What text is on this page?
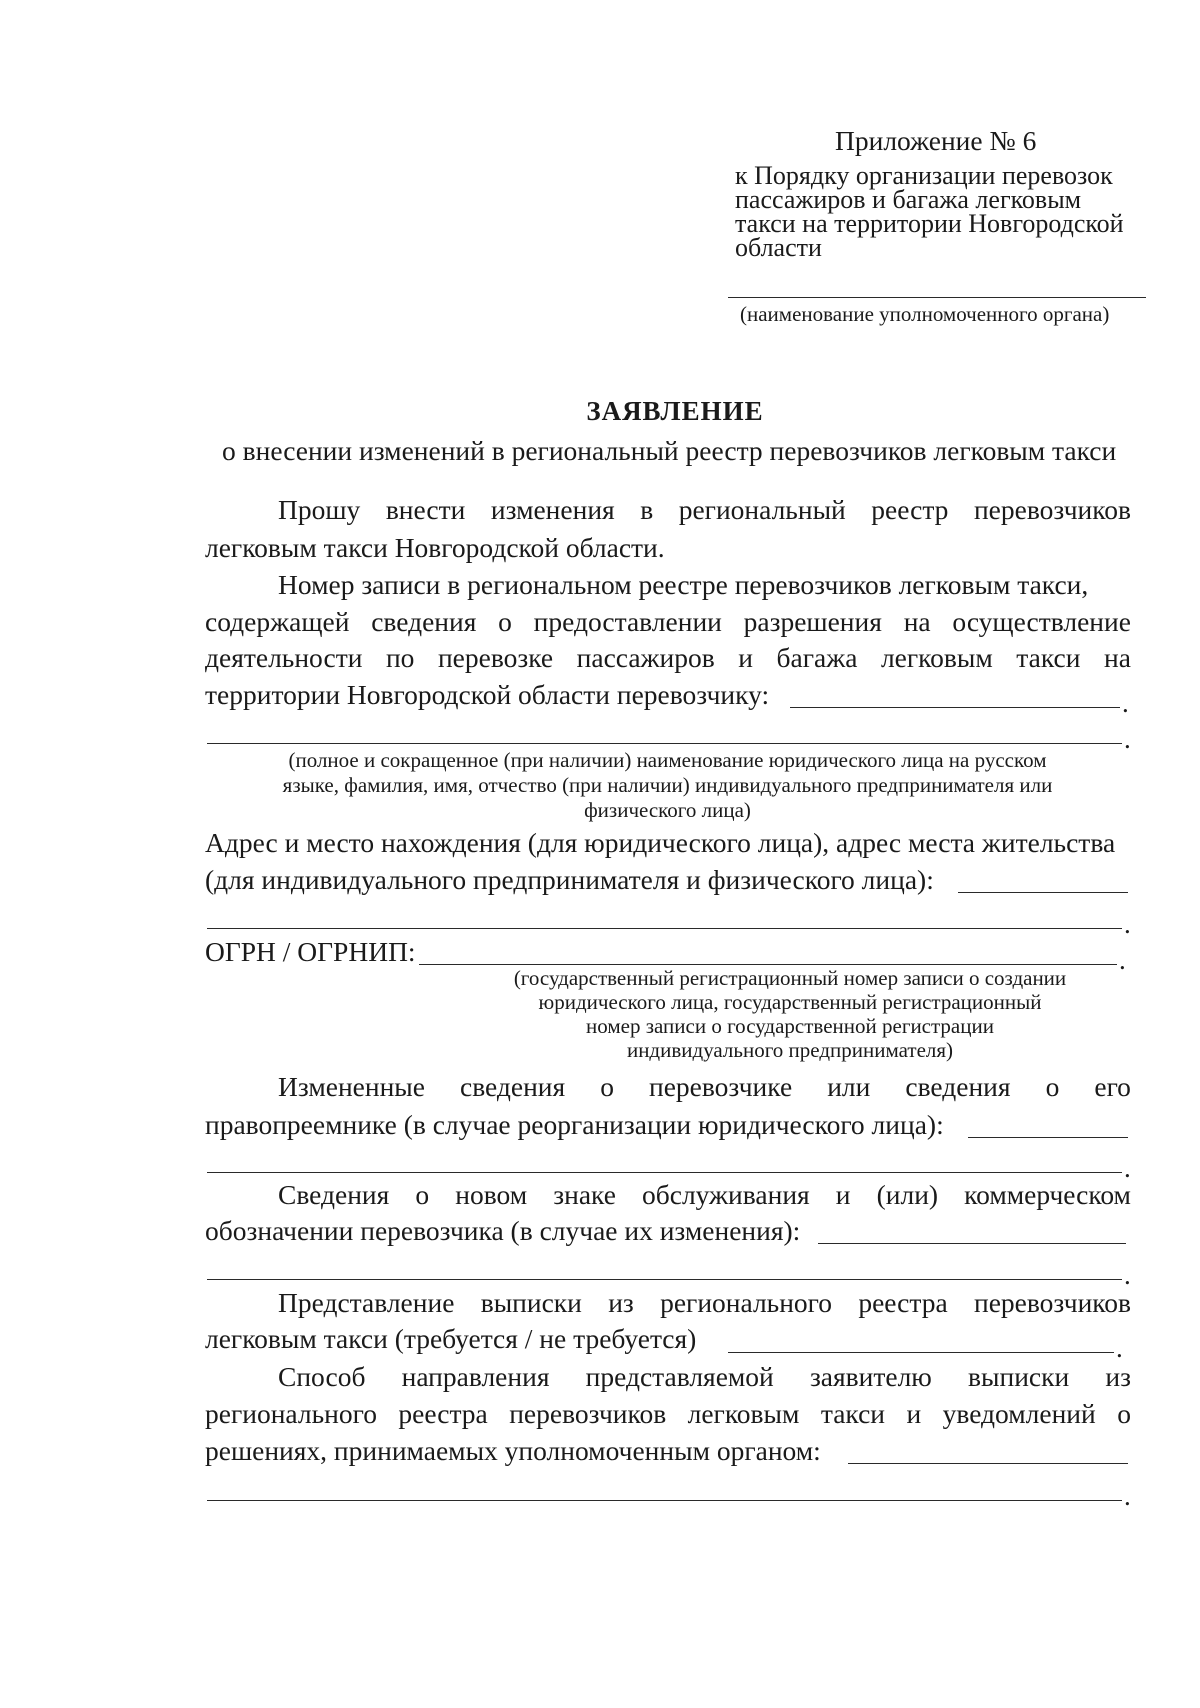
Приложение № 6
к Порядку организации перевозок
пассажиров и багажа легковым
такси на территории Новгородской
области
(наименование уполномоченного органа)
ЗАЯВЛЕНИЕ
о внесении изменений в региональный реестр перевозчиков легковым такси
Прошу внести изменения в региональный реестр перевозчиков
легковым такси Новгородской области.
Номер записи в региональном реестре перевозчиков легковым такси,
содержащей сведения о предоставлении разрешения на осуществление
деятельности по перевозке пассажиров и багажа легковым такси на
территории Новгородской области перевозчику:	.
.
(полное и сокращенное (при наличии) наименование юридического лица на русском
языке, фамилия, имя, отчество (при наличии) индивидуального предпринимателя или
физического лица)
Адрес и место нахождения (для юридического лица), адрес места жительства
(для индивидуального предпринимателя и физического лица):
.
ОГРН / ОГРНИП:	.
(государственный регистрационный номер записи о создании
юридического лица, государственный регистрационный
номер записи о государственной регистрации
индивидуального предпринимателя)
Измененные сведения о перевозчике или сведения о его
правопреемнике (в случае реорганизации юридического лица):
.
Сведения о новом знаке обслуживания и (или) коммерческом
обозначении перевозчика (в случае их изменения):
.
Представление выписки из регионального реестра перевозчиков
легковым такси (требуется / не требуется)	.
Способ направления представляемой заявителю выписки из
регионального реестра перевозчиков легковым такси и уведомлений о
решениях, принимаемых уполномоченным органом:
.
